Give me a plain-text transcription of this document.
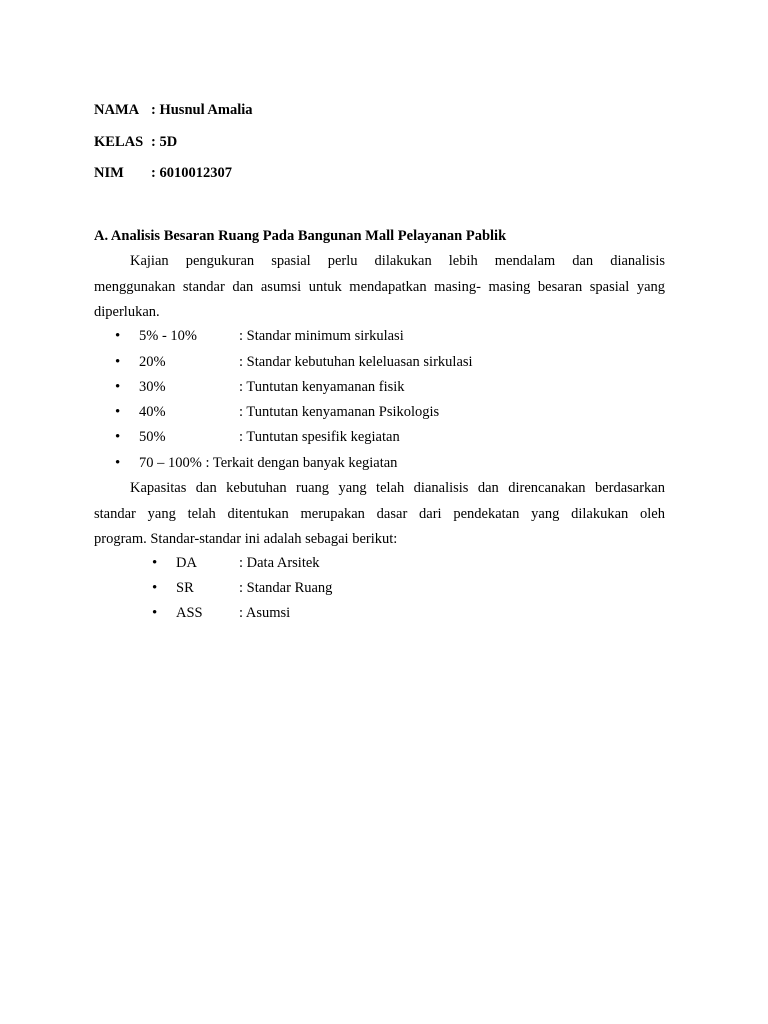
NAMA : Husnul Amalia
KELAS : 5D
NIM : 6010012307
A. Analisis Besaran Ruang Pada Bangunan Mall Pelayanan Pablik
Kajian pengukuran spasial perlu dilakukan lebih mendalam dan dianalisis
menggunakan standar dan asumsi untuk mendapatkan masing- masing besaran spasial yang
diperlukan.
• 5% - 10%	: Standar minimum sirkulasi
• 20%	: Standar kebutuhan keleluasan sirkulasi
• 30%	: Tuntutan kenyamanan fisik
• 40%	: Tuntutan kenyamanan Psikologis
• 50%	: Tuntutan spesifik kegiatan
• 70 – 100% : Terkait dengan banyak kegiatan
Kapasitas dan kebutuhan ruang yang telah dianalisis dan direncanakan berdasarkan
standar yang telah ditentukan merupakan dasar dari pendekatan yang dilakukan oleh
program. Standar-standar ini adalah sebagai berikut:
• DA	: Data Arsitek
• SR	: Standar Ruang
• ASS	: Asumsi
